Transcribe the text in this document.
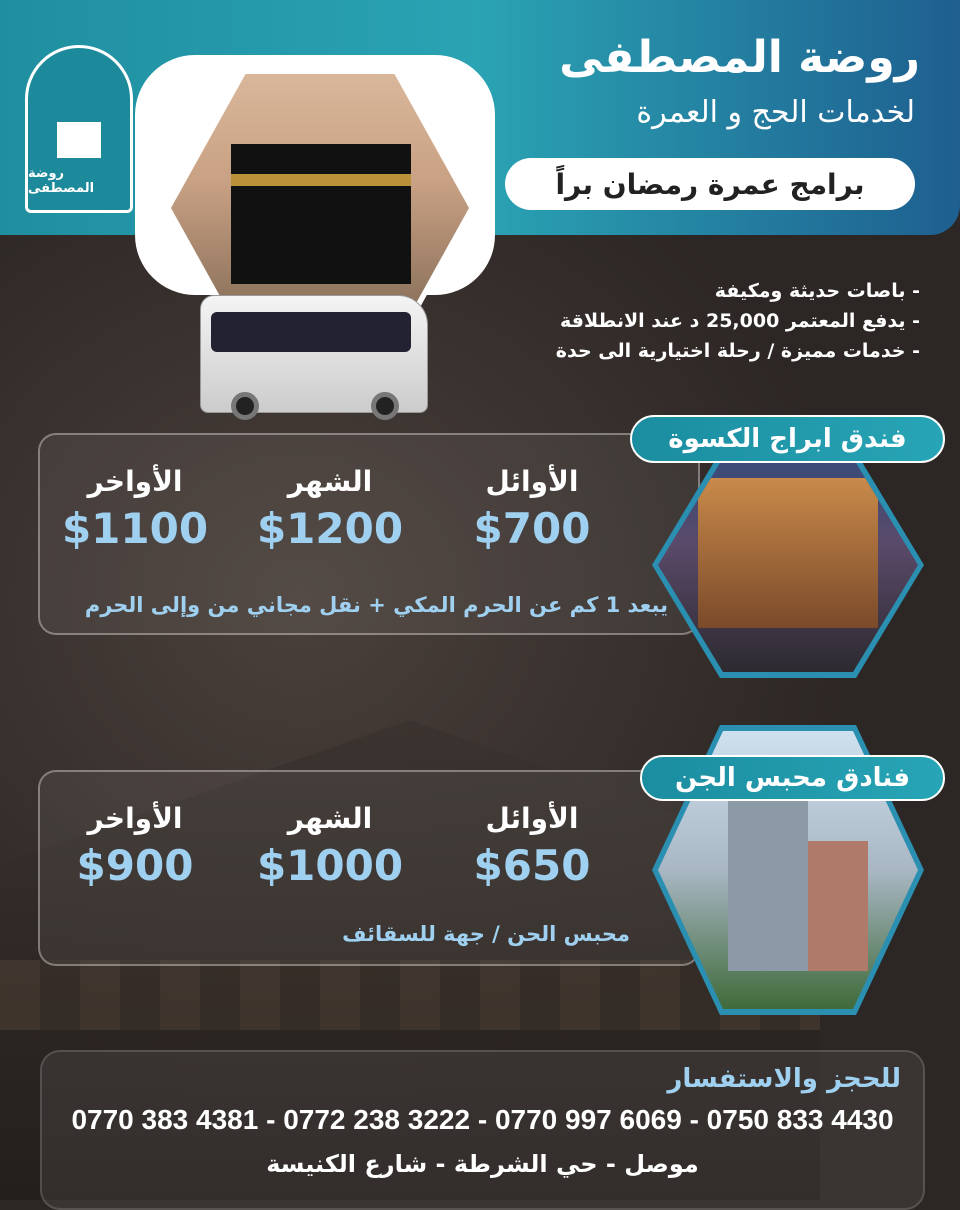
روضة المصطفى
روضة المصطفى
لخدمات الحج و العمرة
برامج عمرة رمضان براً
- باصات حديثة ومكيفة
- يدفع المعتمر 25,000 د عند الانطلاقة
- خدمات مميزة / رحلة اختيارية الى حدة
الأوائل
$700
الشهر
$1200
الأواخر
$1100
يبعد 1 كم عن الحرم المكي + نقل مجاني من وإلى الحرم
فندق ابراج الكسوة
الأوائل
$650
الشهر
$1000
الأواخر
$900
محبس الحن / جهة للسقائف
فنادق محبس الجن
للحجز والاستفسار
0770 383 4381 - 0772 238 3222 - 0770 997 6069 - 0750 833 4430
موصل - حي الشرطة - شارع الكنيسة
